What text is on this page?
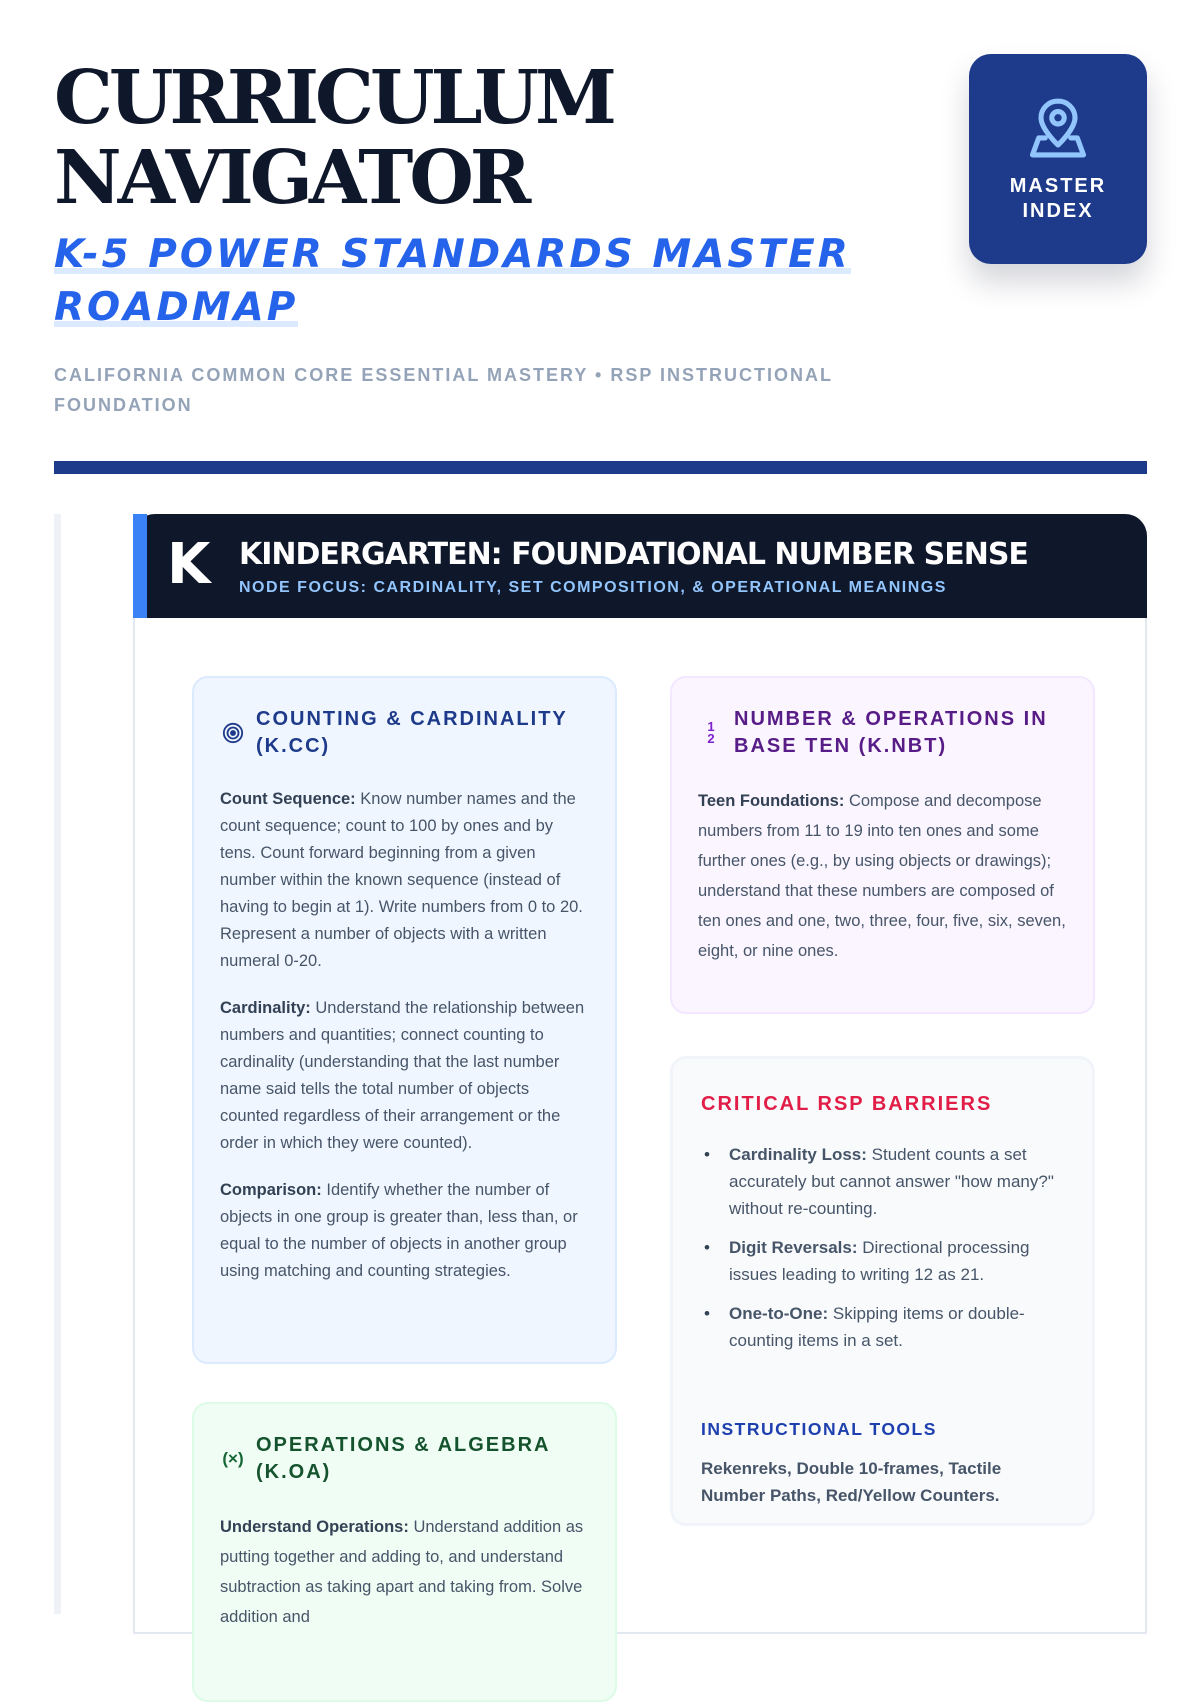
CURRICULUM
NAVIGATOR
K-5 POWER STANDARDS MASTER ROADMAP
CALIFORNIA COMMON CORE ESSENTIAL MASTERY • RSP INSTRUCTIONAL FOUNDATION
MASTER
INDEX
K KINDERGARTEN: FOUNDATIONAL NUMBER SENSE
NODE FOCUS: CARDINALITY, SET COMPOSITION, & OPERATIONAL MEANINGS
COUNTING & CARDINALITY (K.CC)

Count Sequence: Know number names and the count sequence; count to 100 by ones and by tens. Count forward beginning from a given number within the known sequence (instead of having to begin at 1). Write numbers from 0 to 20. Represent a number of objects with a written numeral 0-20.

Cardinality: Understand the relationship between numbers and quantities; connect counting to cardinality (understanding that the last number name said tells the total number of objects counted regardless of their arrangement or the order in which they were counted).

Comparison: Identify whether the number of objects in one group is greater than, less than, or equal to the number of objects in another group using matching and counting strategies.

1
2
NUMBER & OPERATIONS IN BASE TEN (K.NBT)

Teen Foundations: Compose and decompose numbers from 11 to 19 into ten ones and some further ones (e.g., by using objects or drawings); understand that these numbers are composed of ten ones and one, two, three, four, five, six, seven, eight, or nine ones.

CRITICAL RSP BARRIERS
• Cardinality Loss: Student counts a set accurately but cannot answer "how many?" without re-counting.
• Digit Reversals: Directional processing issues leading to writing 12 as 21.
• One-to-One: Skipping items or double-counting items in a set.
INSTRUCTIONAL TOOLS
Rekenreks, Double 10-frames, Tactile Number Paths, Red/Yellow Counters.
(×)
OPERATIONS & ALGEBRA (K.OA)

Understand Operations: Understand addition as putting together and adding to, and understand subtraction as taking apart and taking from. Solve addition and
